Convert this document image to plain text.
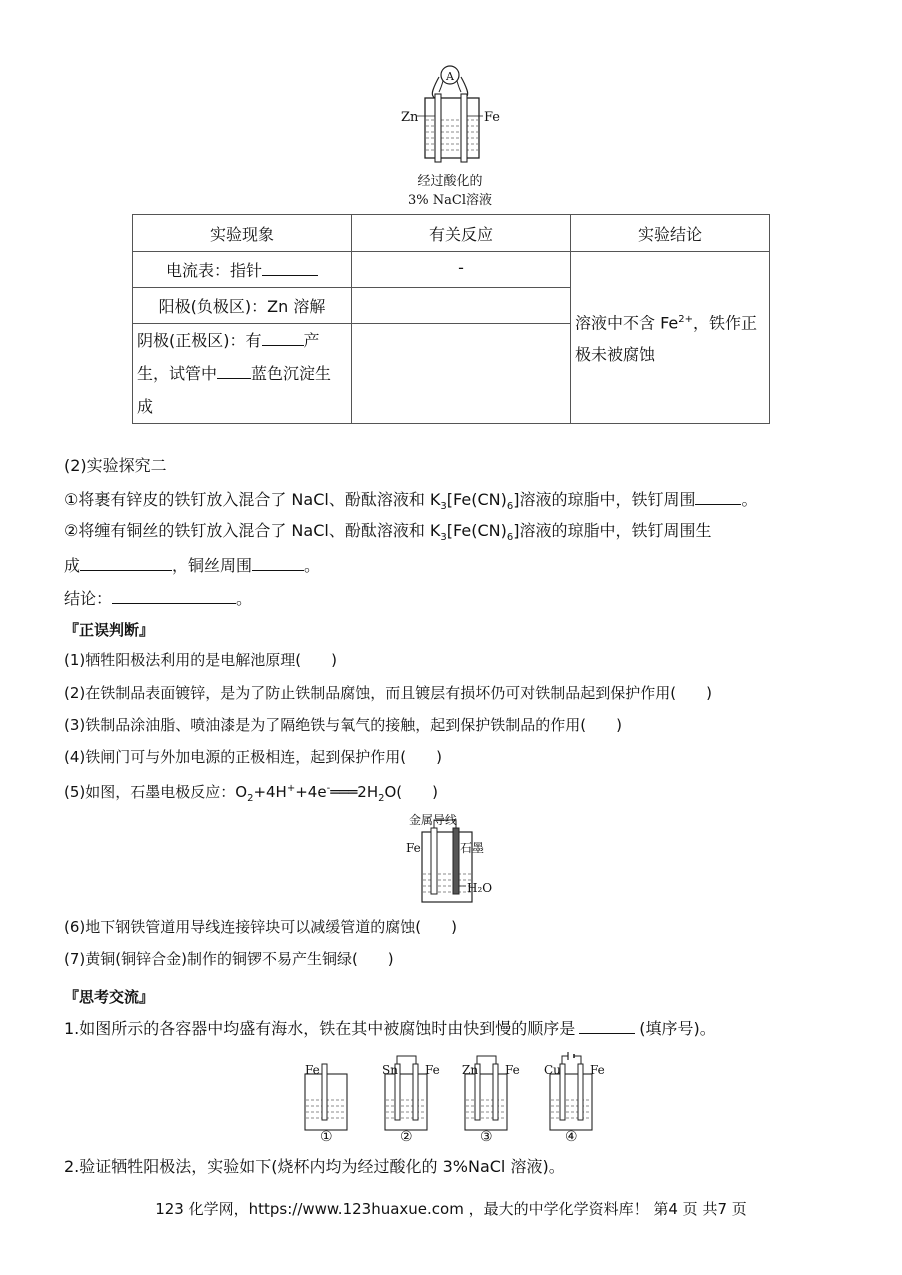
A
Zn	Fe
经过酸化的
3% NaCl溶液
实验现象	有关反应	实验结论
电流表：指针	-	溶液中不含 $Fe^{2+}$，铁作正
极未被腐蚀
阳极(负极区)：Zn 溶解		
阴极(正极区)：有 产
生，试管中 蓝色沉淀生
成		
(2)实验探究二
①将裹有锌皮的铁钉放入混合了 NaCl、酚酞溶液和 $K_3[Fe(CN)_6]$溶液的琼脂中，铁钉周围	。
②将缠有铜丝的铁钉放入混合了 NaCl、酚酞溶液和 $K_3[Fe(CN)_6]$溶液的琼脂中，铁钉周围生
成	，铜丝周围	。
结论：	。
『正误判断』
(1)牺牲阳极法利用的是电解池原理(　　)
(2)在铁制品表面镀锌，是为了防止铁制品腐蚀，而且镀层有损坏仍可对铁制品起到保护作用(　　)
(3)铁制品涂油脂、喷油漆是为了隔绝铁与氧气的接触，起到保护铁制品的作用(　　)
(4)铁闸门可与外加电源的正极相连，起到保护作用(　　)
(5)如图，石墨电极反应：$O_2+4H^++4e^-═══2H_2O$(　　)
金属导线
Fe	石墨
H₂O
(6)地下钢铁管道用导线连接锌块可以减缓管道的腐蚀(　　)
(7)黄铜(铜锌合金)制作的铜锣不易产生铜绿(　　)
『思考交流』
1.如图所示的各容器中均盛有海水，铁在其中被腐蚀时由快到慢的顺序是	(填序号)。
Fe
①
Sn Fe
②
Zn Fe
③
Cu Fe
④
2.验证牺牲阳极法，实验如下(烧杯内均为经过酸化的 3%NaCl 溶液)。
123 化学网，https://www.123huaxue.com ，最大的中学化学资料库！ 第4 页 共7 页
